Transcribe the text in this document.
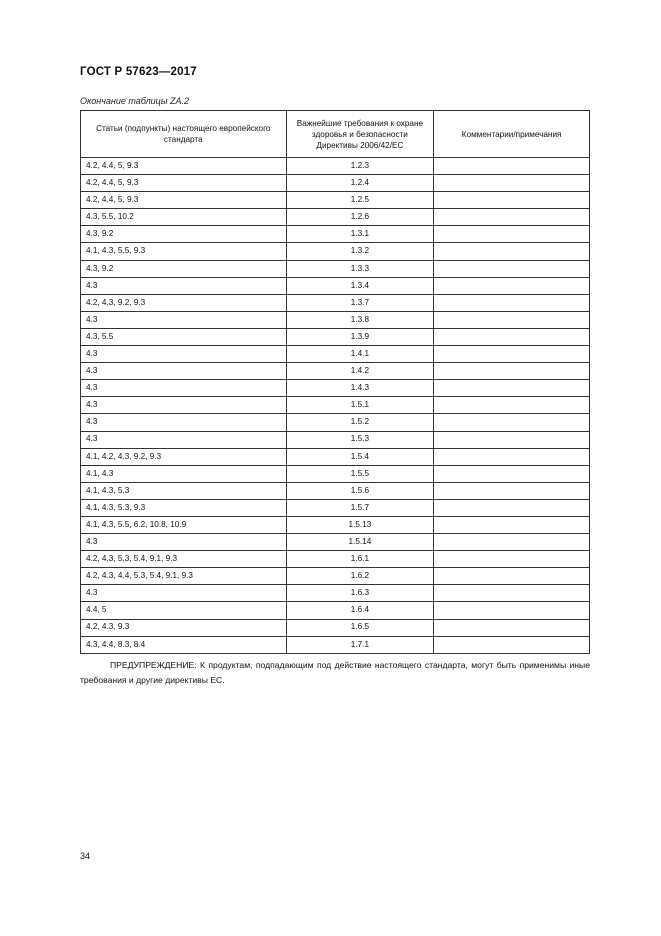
ГОСТ Р 57623—2017
Окончание таблицы ZA.2
Статьи (подпункты) настоящего европейского стандарта	Важнейшие требования к охране здоровья и безопасности Директивы 2006/42/ЕС	Комментарии/примечания
4.2, 4.4, 5, 9.3	1.2.3	
4.2, 4.4, 5, 9.3	1.2.4	
4.2, 4.4, 5, 9.3	1.2.5	
4.3, 5.5, 10.2	1.2.6	
4.3, 9.2	1.3.1	
4.1, 4.3, 5.5, 9.3	1.3.2	
4.3, 9.2	1.3.3	
4.3	1.3.4	
4.2, 4.3, 9.2, 9.3	1.3.7	
4.3	1.3.8	
4.3, 5.5	1.3.9	
4.3	1.4.1	
4.3	1.4.2	
4.3	1.4.3	
4.3	1.5.1	
4.3	1.5.2	
4.3	1.5.3	
4.1, 4.2, 4.3, 9.2, 9.3	1.5.4	
4.1, 4.3	1.5.5	
4.1, 4.3, 5.3	1.5.6	
4.1, 4.3, 5.3, 9.3	1.5.7	
4.1, 4.3, 5.5, 6.2, 10.8, 10.9	1.5.13	
4.3	1.5.14	
4.2, 4.3, 5.3, 5.4, 9.1, 9.3	1.6.1	
4.2, 4.3, 4.4, 5.3, 5.4, 9.1, 9.3	1.6.2	
4.3	1.6.3	
4.4, 5	1.6.4	
4.2, 4.3, 9.3	1.6.5	
4.3, 4.4, 8.3, 8.4	1.7.1	
ПРЕДУПРЕЖДЕНИЕ: К продуктам, подпадающим под действие настоящего стандарта, могут быть применимы иные требования и другие директивы ЕС.
34
